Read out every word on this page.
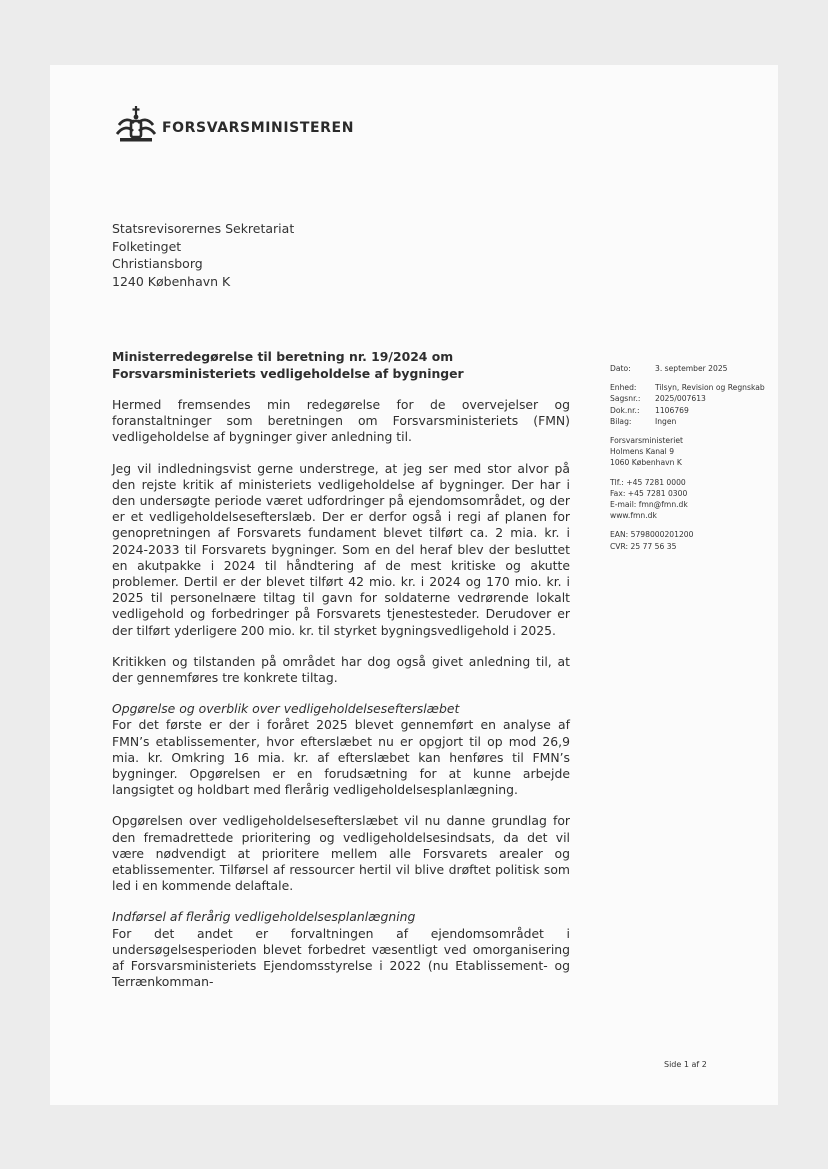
FORSVARSMINISTEREN
Statsrevisorernes Sekretariat
Folketinget
Christiansborg
1240 København K
Dato:	3. september 2025
Enhed:	Tilsyn, Revision og Regnskab
Sagsnr.:	2025/007613
Dok.nr.:	1106769
Bilag:	Ingen
Forsvarsministeriet
Holmens Kanal 9
1060 København K
Tlf.: +45 7281 0000
Fax: +45 7281 0300
E-mail: fmn@fmn.dk
www.fmn.dk
EAN: 5798000201200
CVR: 25 77 56 35
Ministerredegørelse til beretning nr. 19/2024 om Forsvarsministeriets vedligeholdelse af bygninger

Hermed fremsendes min redegørelse for de overvejelser og foranstaltninger som beretningen om Forsvarsministeriets (FMN) vedligeholdelse af bygninger giver anledning til.

Jeg vil indledningsvist gerne understrege, at jeg ser med stor alvor på den rejste kritik af ministeriets vedligeholdelse af bygninger. Der har i den undersøgte periode været udfordringer på ejendomsområdet, og der er et vedligeholdelsesefterslæb. Der er derfor også i regi af planen for genopretningen af Forsvarets fundament blevet tilført ca. 2 mia. kr. i 2024-2033 til Forsvarets bygninger. Som en del heraf blev der besluttet en akutpakke i 2024 til håndtering af de mest kritiske og akutte problemer. Dertil er der blevet tilført 42 mio. kr. i 2024 og 170 mio. kr. i 2025 til personelnære tiltag til gavn for soldaterne vedrørende lokalt vedligehold og forbedringer på Forsvarets tjenestesteder. Derudover er der tilført yderligere 200 mio. kr. til styrket bygningsvedligehold i 2025.

Kritikken og tilstanden på området har dog også givet anledning til, at der gennemføres tre konkrete tiltag.

Opgørelse og overblik over vedligeholdelsesefterslæbet

For det første er der i foråret 2025 blevet gennemført en analyse af FMN’s etablissementer, hvor efterslæbet nu er opgjort til op mod 26,9 mia. kr. Omkring 16 mia. kr. af efterslæbet kan henføres til FMN’s bygninger. Opgørelsen er en forudsætning for at kunne arbejde langsigtet og holdbart med flerårig vedligeholdelsesplanlægning.

Opgørelsen over vedligeholdelsesefterslæbet vil nu danne grundlag for den fremadrettede prioritering og vedligeholdelsesindsats, da det vil være nødvendigt at prioritere mellem alle Forsvarets arealer og etablissementer. Tilførsel af ressourcer hertil vil blive drøftet politisk som led i en kommende delaftale.

Indførsel af flerårig vedligeholdelsesplanlægning

For det andet er forvaltningen af ejendomsområdet i undersøgelsesperioden blevet forbedret væsentligt ved omorganisering af Forsvarsministeriets Ejendomsstyrelse i 2022 (nu Etablissement- og Terrænkomman-

Side 1 af 2
